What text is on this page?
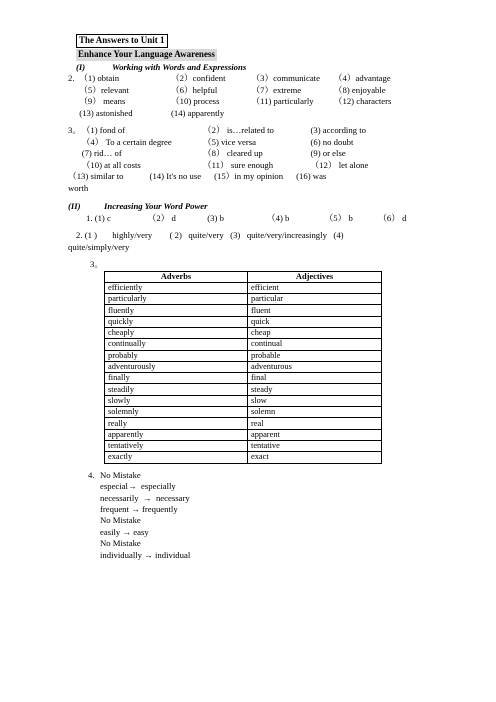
The Answers to Unit 1
Enhance Your Language Awareness
(I)	Working with Words and Expressions
2. （1) obtain	（2）confident	（3）communicate	（4）advantage
（5）relevant	（6）helpful	（7）extreme	（8) enjoyable
（9） means	（10) process	（11) particularly	（12) characters
(13) astonished	(14) apparently
3。 （1) fond of	（2） is…related to	(3) according to
（4） To a certain degree	（5) vice versa	(6) no doubt
(7) rid… of	（8） cleared up	(9) or else
（10) at all costs	（11） sure enough	（12） let alone
（13) similar to            (14) It's no use      (15）in my opinion      (16) was
worth
(II)	Increasing Your Word Power
1. (1) c	（2） d	(3) b	（4) b	（5） b	（6） d
2. (1 )       highly/very        ( 2)   quite/very   (3)   quite/very/increasingly   (4)
quite/simply/very
3。
Adverbs	Adjectives
efficiently	efficient
particularly	particular
fluently	fluent
quickly	quick
cheaply	cheap
continually	continual
probably	probable
adventurously	adventurous
finally	final
steadily	steady
slowly	slow
solemnly	solemn
really	real
apparently	apparent
tentatively	tentative
exactly	exact
4. No Mistake
especial→  especially
necessarily  →  necessary
frequent → frequently
No Mistake
easily → easy
No Mistake
individually → individual
